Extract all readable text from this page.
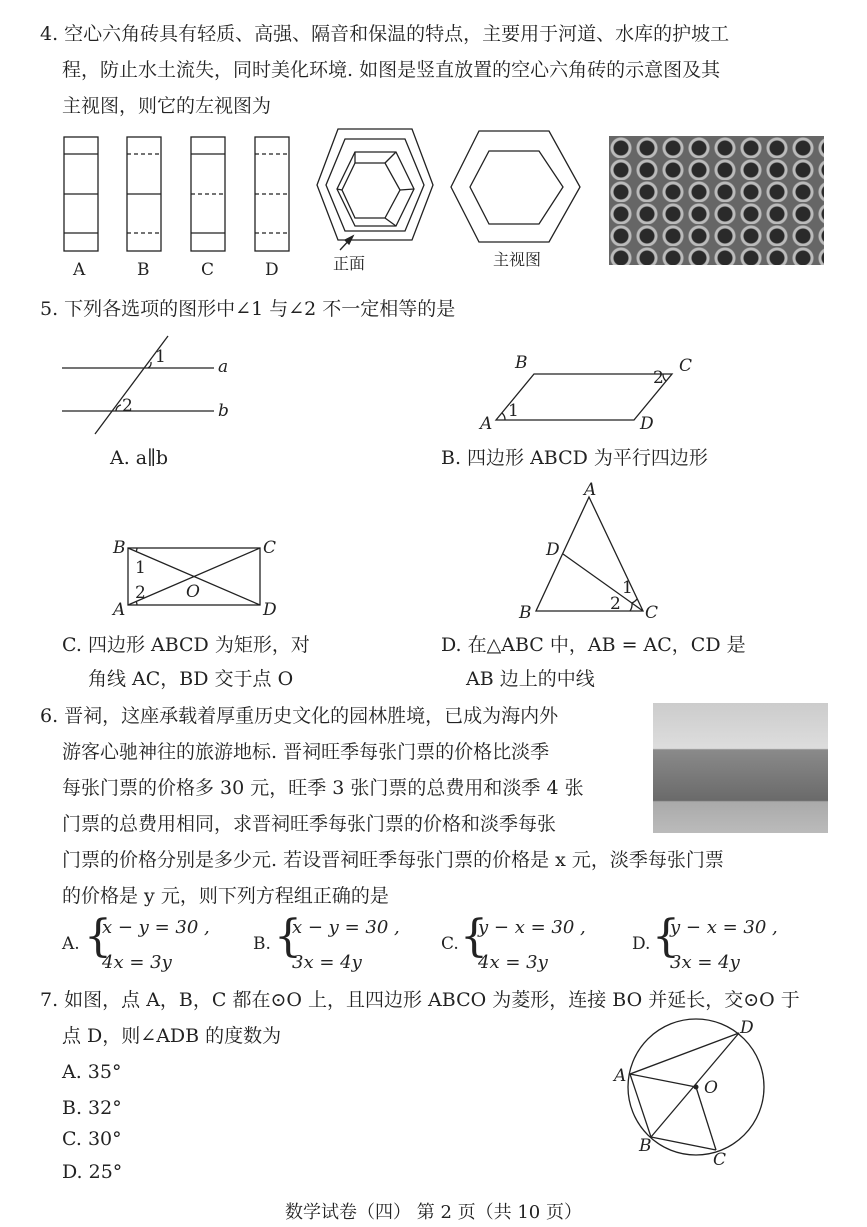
4. 空心六角砖具有轻质、高强、隔音和保温的特点，主要用于河道、水库的护坡工
程，防止水土流失，同时美化环境. 如图是竖直放置的空心六角砖的示意图及其
主视图，则它的左视图为
A	B	C	D	正面	主视图
5. 下列各选项的图形中∠1 与∠2 不一定相等的是
1
2
a
b
B	C
A	D
1
2
B	C
A	D
O
1
2
A
D
B	C
1
2
A. a∥b	B. 四边形 ABCD 为平行四边形
C. 四边形 ABCD 为矩形，对
角线 AC，BD 交于点 O
D. 在△ABC 中，AB = AC，CD 是
AB 边上的中线
6. 晋祠，这座承载着厚重历史文化的园林胜境，已成为海内外
游客心驰神往的旅游地标. 晋祠旺季每张门票的价格比淡季
每张门票的价格多 30 元，旺季 3 张门票的总费用和淡季 4 张
门票的总费用相同，求晋祠旺季每张门票的价格和淡季每张
门票的价格分别是多少元. 若设晋祠旺季每张门票的价格是 x 元，淡季每张门票
的价格是 y 元，则下列方程组正确的是
A. {
x − y = 30 ,
4x = 3y
B. {
x − y = 30 ,
3x = 4y
C. {
y − x = 30 ,
4x = 3y
D. {
y − x = 30 ,
3x = 4y
7. 如图，点 A，B，C 都在⊙O 上，且四边形 ABCO 为菱形，连接 BO 并延长，交⊙O 于
点 D，则∠ADB 的度数为
A. 35°
B. 32°
C. 30°
D. 25°
A
B
C
D
O
数学试卷（四） 第 2 页（共 10 页）
